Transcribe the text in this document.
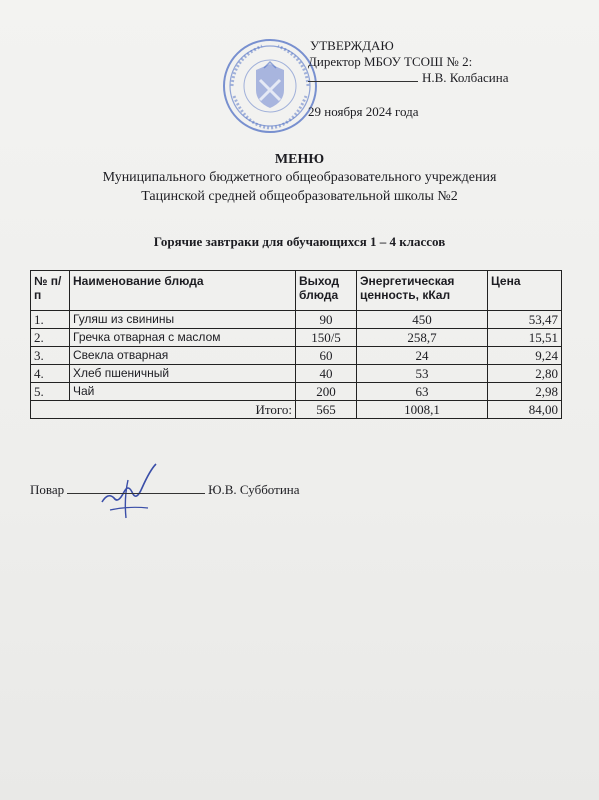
УТВЕРЖДАЮ
Директор МБОУ ТСОШ № 2:
Н.В. Колбасина
29 ноября 2024 года
МЕНЮ
Муниципального бюджетного общеобразовательного учреждения
Тацинской средней общеобразовательной школы №2
Горячие завтраки для обучающихся 1 – 4 классов
№ п/п	Наименование блюда	Выход блюда	Энергетическая ценность, кКал	Цена
1.	Гуляш из свинины	90	450	53,47
2.	Гречка отварная с маслом	150/5	258,7	15,51
3.	Свекла отварная	60	24	9,24
4.	Хлеб пшеничный	40	53	2,80
5.	Чай	200	63	2,98
Итого:		565	1008,1	84,00
Повар	Ю.В. Субботина
